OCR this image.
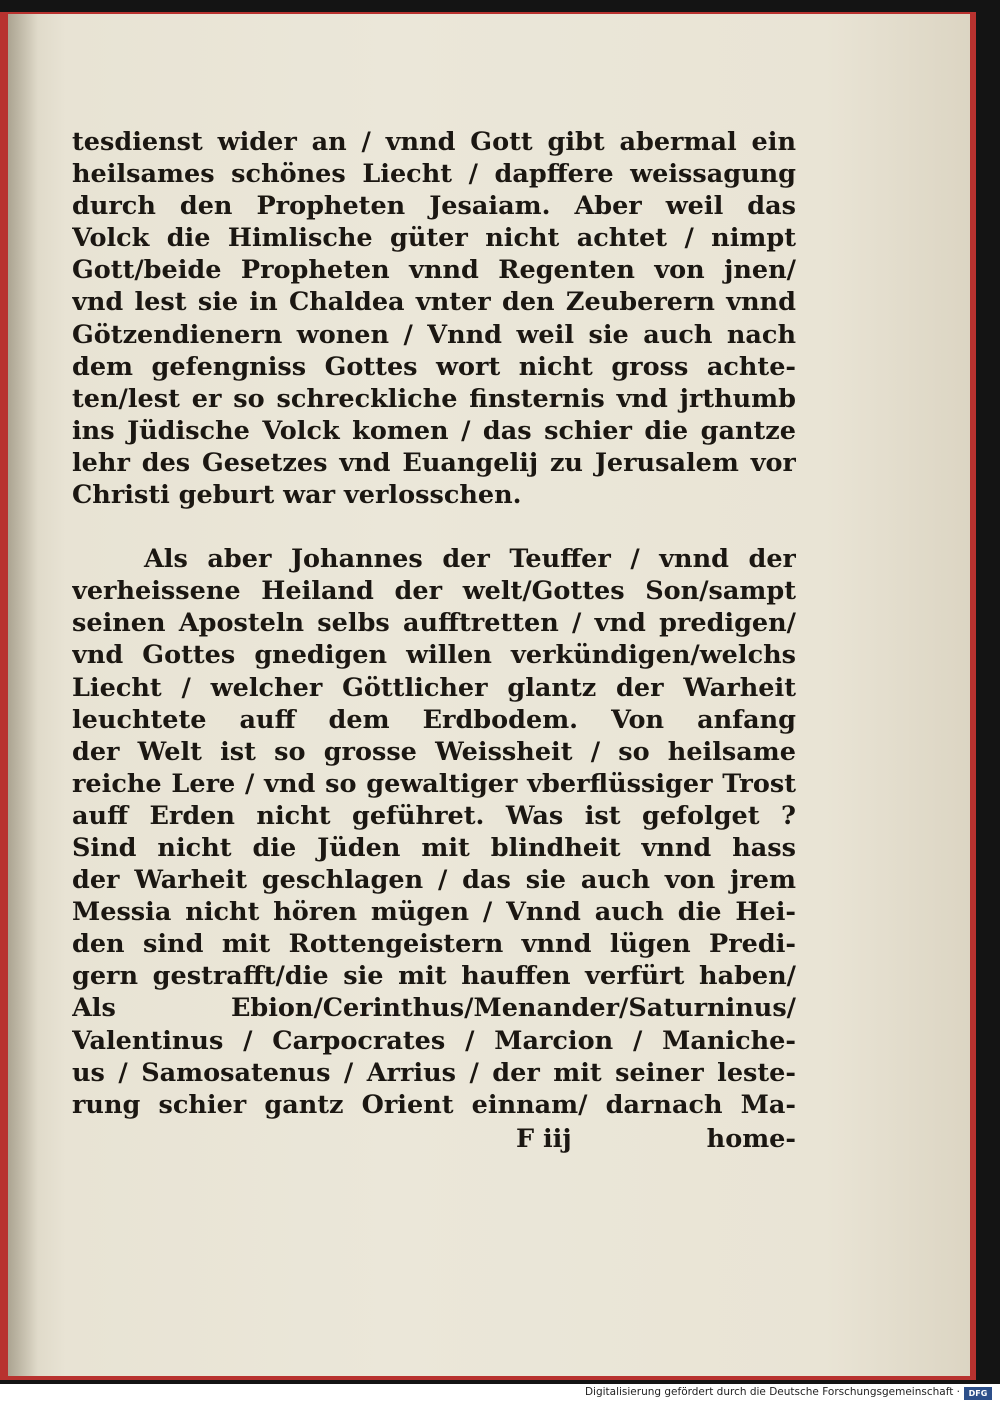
tesdienst wider an / vnnd Gott gibt abermal ein
heilsames schönes Liecht / dapffere weissagung
durch den Propheten Jesaiam. Aber weil das
Volck die Himlische güter nicht achtet / nimpt
Gott/beide Propheten vnnd Regenten von jnen/
vnd lest sie in Chaldea vnter den Zeuberern vnnd
Götzendienern wonen / Vnnd weil sie auch nach
dem gefengniss Gottes wort nicht gross achte-
ten/lest er so schreckliche finsternis vnd jrthumb
ins Jüdische Volck komen / das schier die gantze
lehr des Gesetzes vnd Euangelij zu Jerusalem vor
Christi geburt war verlosschen.
Als aber Johannes der Teuffer / vnnd der
verheissene Heiland der welt/Gottes Son/sampt
seinen Aposteln selbs aufftretten / vnd predigen/
vnd Gottes gnedigen willen verkündigen/welchs
Liecht / welcher Göttlicher glantz der Warheit
leuchtete auff dem Erdbodem. Von anfang
der Welt ist so grosse Weissheit / so heilsame
reiche Lere / vnd so gewaltiger vberflüssiger Trost
auff Erden nicht geführet. Was ist gefolget ?
Sind nicht die Jüden mit blindheit vnnd hass
der Warheit geschlagen / das sie auch von jrem
Messia nicht hören mügen / Vnnd auch die Hei-
den sind mit Rottengeistern vnnd lügen Predi-
gern gestrafft/die sie mit hauffen verfürt haben/
Als Ebion/Cerinthus/Menander/Saturninus/
Valentinus / Carpocrates / Marcion / Maniche-
us / Samosatenus / Arrius / der mit seiner leste-
rung schier gantz Orient einnam/ darnach Ma-
F iij	home-
Digitalisierung gefördert durch die Deutsche Forschungsgemeinschaft ·	DFG
